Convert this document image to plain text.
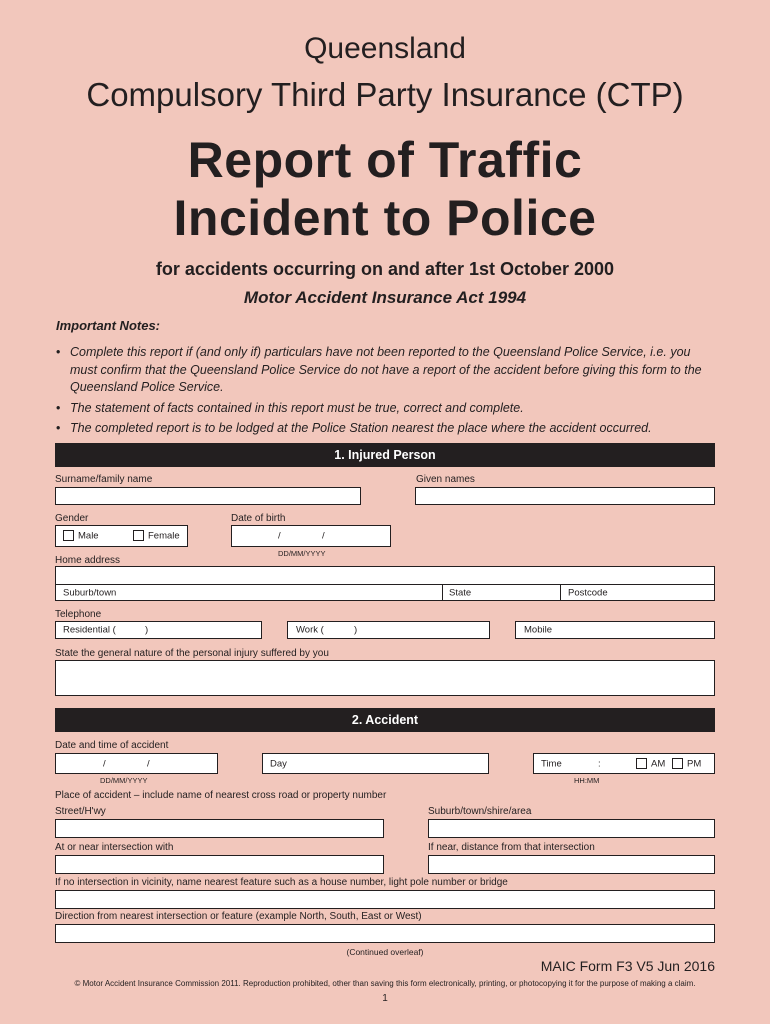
Queensland
Compulsory Third Party Insurance (CTP)
Report of Traffic
Incident to Police
for accidents occurring on and after 1st October 2000
Motor Accident Insurance Act 1994
Important Notes:
• Complete this report if (and only if) particulars have not been reported to the Queensland Police Service, i.e. you must confirm that the Queensland Police Service do not have a report of the accident before giving this form to the Queensland Police Service.
• The statement of facts contained in this report must be true, correct and complete.
• The completed report is to be lodged at the Police Station nearest the place where the accident occurred.
1. Injured Person
Surname/family name	Given names
Gender	Date of birth
Male	Female	/	/
DD/MM/YYYY
Home address
Suburb/town	State	Postcode
Telephone
Residential (	)	Work (	)	Mobile
State the general nature of the personal injury suffered by you
2. Accident
Date and time of accident
/	/
DD/MM/YYYY
Day	Time	:	AM PM
HH:MM
Place of accident – include name of nearest cross road or property number
Street/H'wy	Suburb/town/shire/area
At or near intersection with	If near, distance from that intersection
If no intersection in vicinity, name nearest feature such as a house number, light pole number or bridge
Direction from nearest intersection or feature (example North, South, East or West)
(Continued overleaf)
MAIC Form F3 V5 Jun 2016
© Motor Accident Insurance Commission 2011. Reproduction prohibited, other than saving this form electronically, printing, or photocopying it for the purpose of making a claim.
1
